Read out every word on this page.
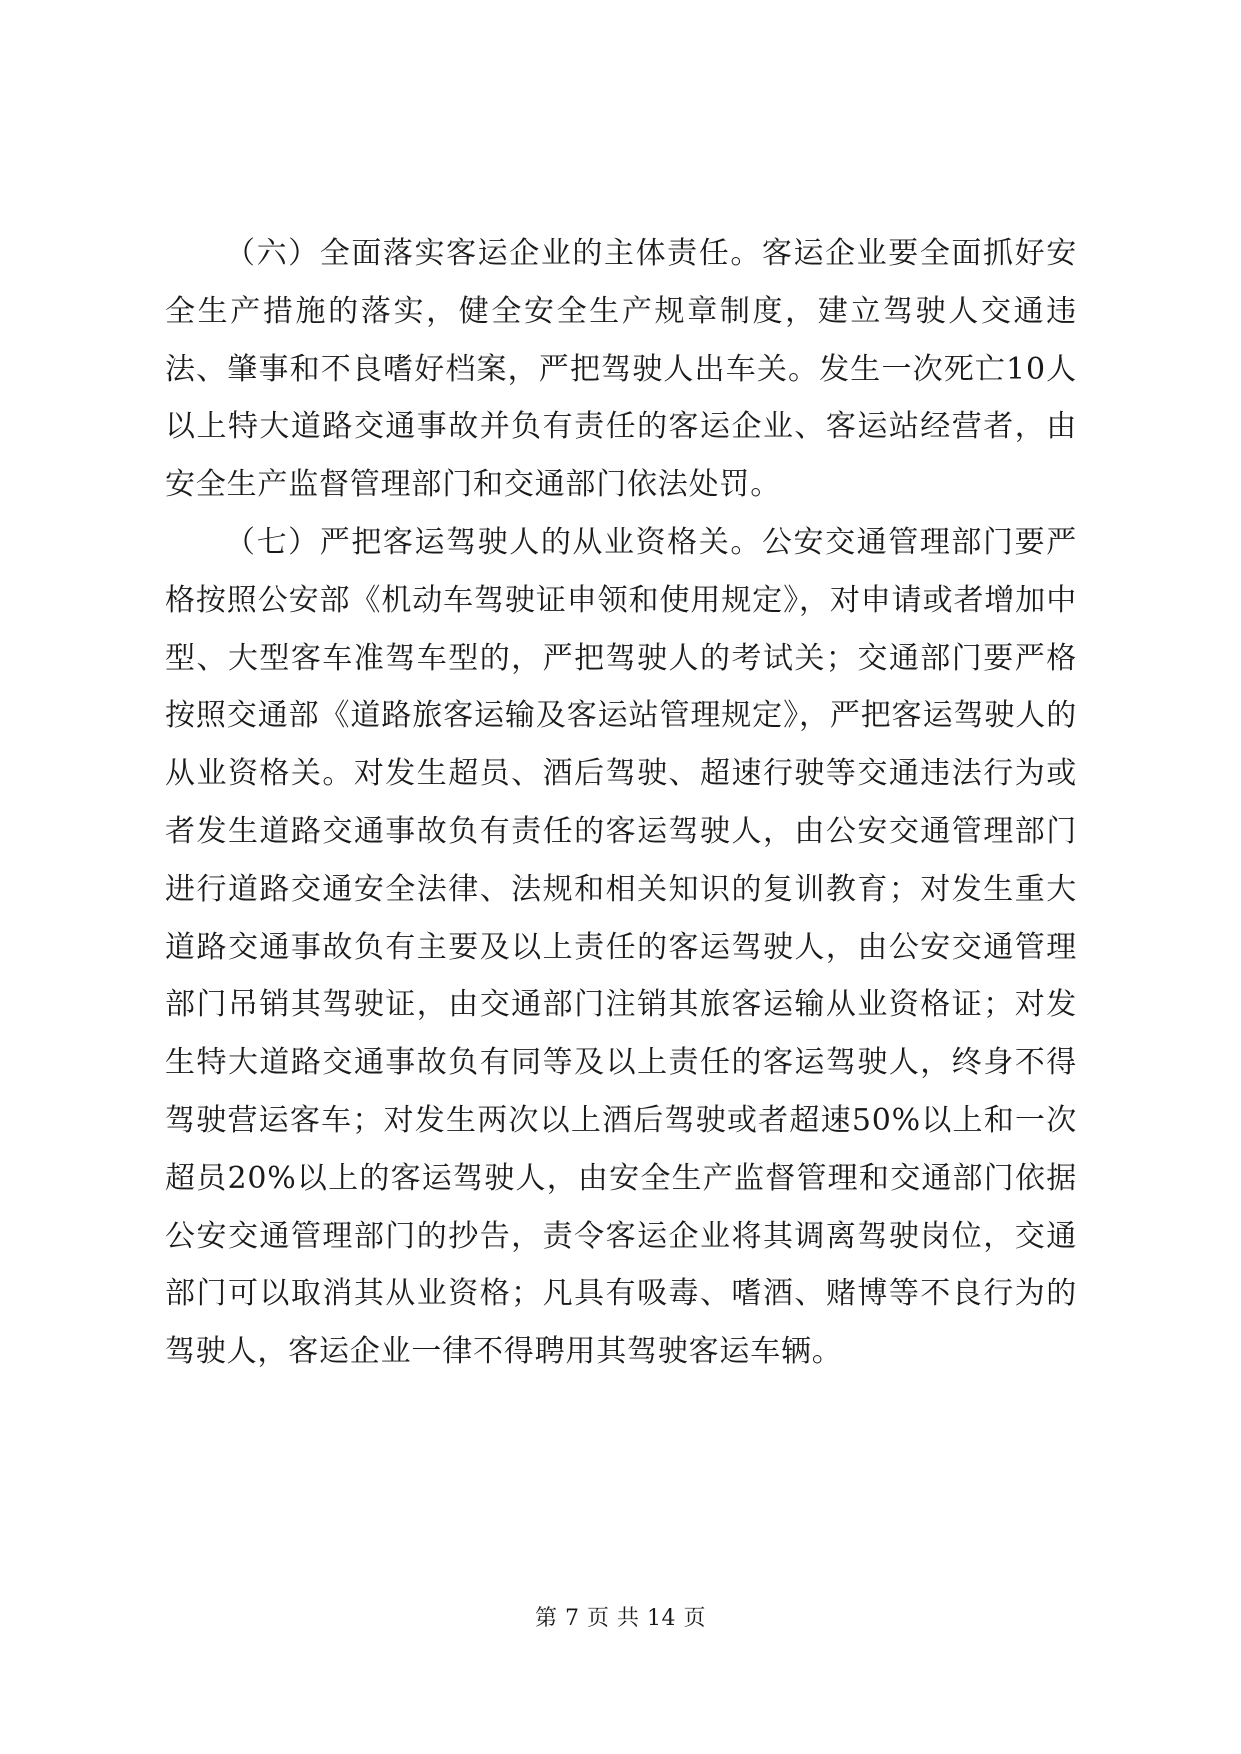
（六）全面落实客运企业的主体责任。客运企业要全面抓好安全生产措施的落实，健全安全生产规章制度，建立驾驶人交通违法、肇事和不良嗜好档案，严把驾驶人出车关。发生一次死亡10人以上特大道路交通事故并负有责任的客运企业、客运站经营者，由安全生产监督管理部门和交通部门依法处罚。

（七）严把客运驾驶人的从业资格关。公安交通管理部门要严格按照公安部《机动车驾驶证申领和使用规定》，对申请或者增加中型、大型客车准驾车型的，严把驾驶人的考试关；交通部门要严格按照交通部《道路旅客运输及客运站管理规定》，严把客运驾驶人的从业资格关。对发生超员、酒后驾驶、超速行驶等交通违法行为或者发生道路交通事故负有责任的客运驾驶人，由公安交通管理部门进行道路交通安全法律、法规和相关知识的复训教育；对发生重大道路交通事故负有主要及以上责任的客运驾驶人，由公安交通管理部门吊销其驾驶证，由交通部门注销其旅客运输从业资格证；对发生特大道路交通事故负有同等及以上责任的客运驾驶人，终身不得驾驶营运客车；对发生两次以上酒后驾驶或者超速50%以上和一次超员20%以上的客运驾驶人，由安全生产监督管理和交通部门依据公安交通管理部门的抄告，责令客运企业将其调离驾驶岗位，交通部门可以取消其从业资格；凡具有吸毒、嗜酒、赌博等不良行为的驾驶人，客运企业一律不得聘用其驾驶客运车辆。

第 7 页 共 14 页
